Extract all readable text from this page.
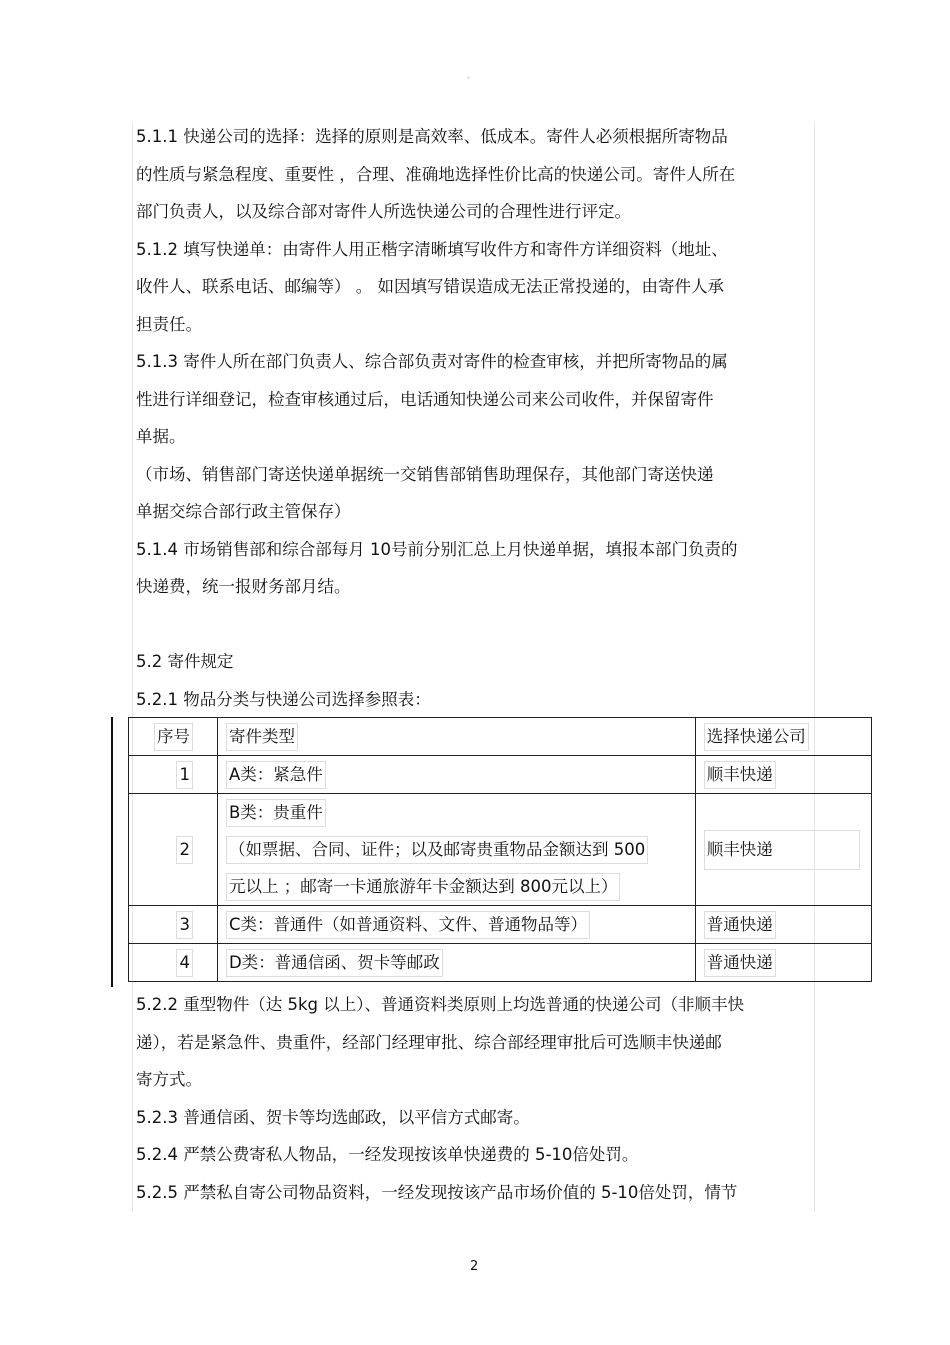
。
5.1.1 快递公司的选择：选择的原则是高效率、低成本。寄件人必须根据所寄物品
的性质与紧急程度、重要性 ，合理、准确地选择性价比高的快递公司。寄件人所在
部门负责人，以及综合部对寄件人所选快递公司的合理性进行评定。
5.1.2 填写快递单：由寄件人用正楷字清晰填写收件方和寄件方详细资料（地址、
收件人、联系电话、邮编等） 。 如因填写错误造成无法正常投递的，由寄件人承
担责任。
5.1.3 寄件人所在部门负责人、综合部负责对寄件的检查审核，并把所寄物品的属
性进行详细登记，检查审核通过后，电话通知快递公司来公司收件，并保留寄件
单据。
（市场、销售部门寄送快递单据统一交销售部销售助理保存，其他部门寄送快递
单据交综合部行政主管保存）
5.1.4 市场销售部和综合部每月 10号前分别汇总上月快递单据，填报本部门负责的
快递费，统一报财务部月结。
5.2 寄件规定
5.2.1 物品分类与快递公司选择参照表：
序号	寄件类型	选择快递公司
1	A类：紧急件	顺丰快递
2	B类：贵重件
（如票据、合同、证件；以及邮寄贵重物品金额达到 500
元以上 ；邮寄一卡通旅游年卡金额达到 800元以上）	顺丰快递
3	C类：普通件（如普通资料、文件、普通物品等）	普通快递
4	D类：普通信函、贺卡等邮政	普通快递
5.2.2 重型物件（达 5kg 以上）、普通资料类原则上均选普通的快递公司（非顺丰快
递），若是紧急件、贵重件，经部门经理审批、综合部经理审批后可选顺丰快递邮
寄方式。
5.2.3 普通信函、贺卡等均选邮政，以平信方式邮寄。
5.2.4 严禁公费寄私人物品，一经发现按该单快递费的 5-10倍处罚。
5.2.5 严禁私自寄公司物品资料，一经发现按该产品市场价值的 5-10倍处罚，情节
2
